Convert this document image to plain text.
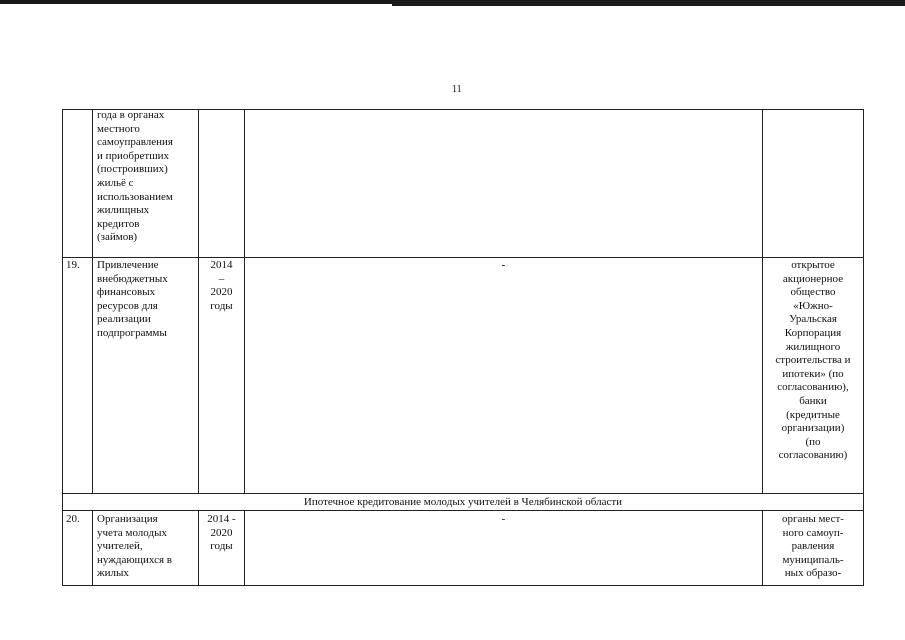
11
года в органах
местного
самоуправления
и приобретших
(построивших)
жильё с
использованием
жилищных
кредитов
(займов)
19. Привлечение
внебюджетных
финансовых
ресурсов для
реализации
подпрограммы
2014
–
2020
годы
-	открытое
акционерное
общество
«Южно-
Уральская
Корпорация
жилищного
строительства и
ипотеки» (по
согласованию),
банки
(кредитные
организации)
(по
согласованию)
Ипотечное кредитование молодых учителей в Челябинской области
20. Организация
учета молодых
учителей,
нуждающихся в
жилых
2014 -
2020
годы
-	органы мест-
ного самоуп-
равления
муниципаль-
ных образо-
